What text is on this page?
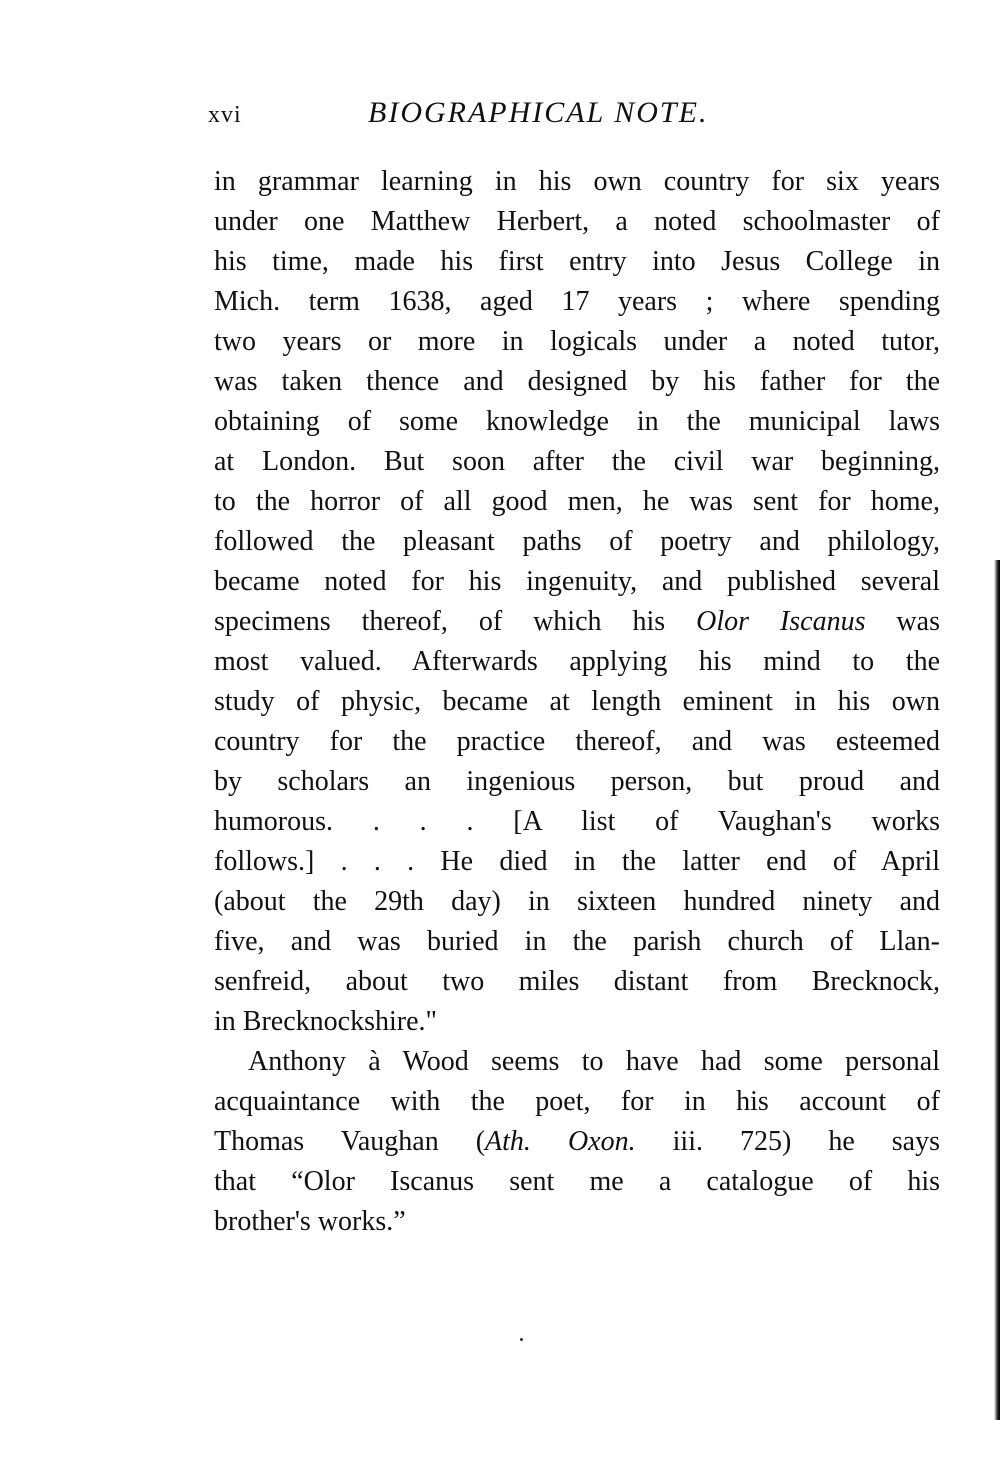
xvi	BIOGRAPHICAL NOTE.
in grammar learning in his own country for six years
under one Matthew Herbert, a noted schoolmaster of
his time, made his first entry into Jesus College in
Mich. term 1638, aged 17 years ; where spending
two years or more in logicals under a noted tutor,
was taken thence and designed by his father for the
obtaining of some knowledge in the municipal laws
at London. But soon after the civil war beginning,
to the horror of all good men, he was sent for home,
followed the pleasant paths of poetry and philology,
became noted for his ingenuity, and published several
specimens thereof, of which his Olor Iscanus was
most valued. Afterwards applying his mind to the
study of physic, became at length eminent in his own
country for the practice thereof, and was esteemed
by scholars an ingenious person, but proud and
humorous. . . . [A list of Vaughan's works
follows.] . . . He died in the latter end of April
(about the 29th day) in sixteen hundred ninety and
five, and was buried in the parish church of Llan-
senfreid, about two miles distant from Brecknock,
in Brecknockshire."
Anthony à Wood seems to have had some personal
acquaintance with the poet, for in his account of
Thomas Vaughan (Ath. Oxon. iii. 725) he says
that “Olor Iscanus sent me a catalogue of his
brother's works.”
